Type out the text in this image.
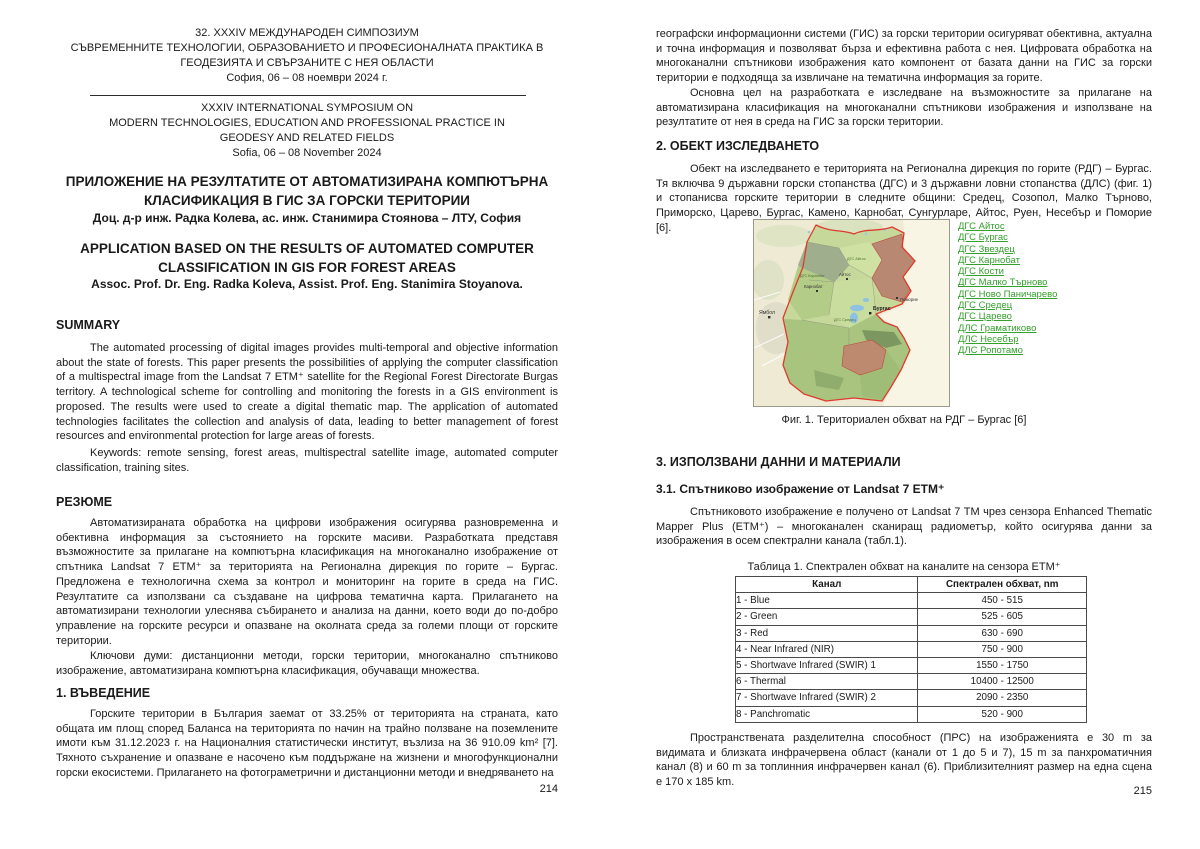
32. XXXIV МЕЖДУНАРОДЕН СИМПОЗИУМ
СЪВРЕМЕННИТЕ ТЕХНОЛОГИИ, ОБРАЗОВАНИЕТО И ПРОФЕСИОНАЛНАТА ПРАКТИКА В
ГЕОДЕЗИЯТА И СВЪРЗАНИТЕ С НЕЯ ОБЛАСТИ
София, 06 – 08 ноември 2024 г.
XXXIV INTERNATIONAL SYMPOSIUM ON
MODERN TECHNOLOGIES, EDUCATION AND PROFESSIONAL PRACTICE IN
GEODESY AND RELATED FIELDS
Sofia, 06 – 08 November 2024
ПРИЛОЖЕНИЕ НА РЕЗУЛТАТИТЕ ОТ АВТОМАТИЗИРАНА КОМПЮТЪРНА КЛАСИФИКАЦИЯ В ГИС ЗА ГОРСКИ ТЕРИТОРИИ
Доц. д-р инж. Радка Колева, ас. инж. Станимира Стоянова – ЛТУ, София
APPLICATION BASED ON THE RESULTS OF AUTOMATED COMPUTER CLASSIFICATION IN GIS FOR FOREST AREAS
Assoc. Prof. Dr. Eng. Radka Koleva, Assist. Prof. Eng. Stanimira Stoyanova.
SUMMARY
The automated processing of digital images provides multi-temporal and objective information about the state of forests. This paper presents the possibilities of applying the computer classification of a multispectral image from the Landsat 7 ETM⁺ satellite for the Regional Forest Directorate Burgas territory. A technological scheme for controlling and monitoring the forests in a GIS environment is proposed. The results were used to create a digital thematic map. The application of automated technologies facilitates the collection and analysis of data, leading to better management of forest resources and environmental protection for large areas of forests.
Keywords: remote sensing, forest areas, multispectral satellite image, automated computer classification, training sites.
РЕЗЮМЕ
Автоматизираната обработка на цифрови изображения осигурява разновременна и обективна информация за състоянието на горските масиви. Разработката представя възможностите за прилагане на компютърна класификация на многоканално изображение от спътника Landsat 7 ETM⁺ за територията на Регионална дирекция по горите – Бургас. Предложена е технологична схема за контрол и мониторинг на горите в среда на ГИС. Резултатите са използвани са създаване на цифрова тематична карта. Прилагането на автоматизирани технологии улеснява събирането и анализа на данни, което води до по-добро управление на горските ресурси и опазване на околната среда за големи площи от горските територии.
Ключови думи: дистанционни методи, горски територии, многоканално спътниково изображение, автоматизирана компютърна класификация, обучаващи множества.
1. ВЪВЕДЕНИЕ
Горските територии в България заемат от 33.25% от територията на страната, като общата им площ според Баланса на територията по начин на трайно ползване на поземлените имоти към 31.12.2023 г. на Националния статистически институт, възлиза на 36 910.09 km² [7]. Тяхното съхранение и опазване е насочено към поддържане на жизнени и многофункционални горски екосистеми. Прилагането на фотограметрични и дистанционни методи и внедряването на
214
географски информационни системи (ГИС) за горски територии осигуряват обективна, актуална и точна информация и позволяват бърза и ефективна работа с нея. Цифровата обработка на многоканални спътникови изображения като компонент от базата данни на ГИС за горски територии е подходяща за извличане на тематична информация за горите.
Основна цел на разработката е изследване на възможностите за прилагане на автоматизирана класификация на многоканални спътникови изображения и използване на резултатите от нея в среда на ГИС за горски територии.
2. ОБЕКТ ИЗСЛЕДВАНЕТО
Обект на изследването е територията на Регионална дирекция по горите (РДГ) – Бургас. Тя включва 9 държавни горски стопанства (ДГС) и 3 държавни ловни стопанства (ДЛС) (фиг. 1) и стопанисва горските територии в следните общини: Средец, Созопол, Малко Търново, Приморско, Царево, Бургас, Камено, Карнобат, Сунгурларе, Айтос, Руен, Несебър и Поморие [6].
ДГС Карнобат
ДГС Айтос
ДГС Средец
Ямбол
Карнобат
Айтос
Бургас
Поморие
ДГС Айтос
ДГС Бургас
ДГС Звездец
ДГС Карнобат
ДГС Кости
ДГС Малко Търново
ДГС Ново Паничарево
ДГС Средец
ДГС Царево
ДЛС Граматиково
ДЛС Несебър
ДЛС Ропотамо
Фиг. 1. Териториален обхват на РДГ – Бургас [6]
3. ИЗПОЛЗВАНИ ДАННИ И МАТЕРИАЛИ
3.1. Спътниково изображение от Landsat 7 ETM⁺
Спътниковото изображение е получено от Landsat 7 TM чрез сензора Enhanced Thematic Mapper Plus (ETM⁺) – многоканален сканиращ радиометър, който осигурява данни за изображения в осем спектрални канала (табл.1).
Таблица 1. Спектрален обхват на каналите на сензора ETM⁺
Канал	Спектрален обхват, nm
1 - Blue	450 - 515
2 - Green	525 - 605
3 - Red	630 - 690
4 - Near Infrared (NIR)	750 - 900
5 - Shortwave Infrared (SWIR) 1	1550 - 1750
6 - Thermal	10400 - 12500
7 - Shortwave Infrared (SWIR) 2	2090 - 2350
8 - Panchromatic	520 - 900
Пространствената разделителна способност (ПРС) на изображенията е 30 m за видимата и близката инфрачервена област (канали от 1 до 5 и 7), 15 m за панхроматичния канал (8) и 60 m за топлинния инфрачервен канал (6). Приблизителният размер на една сцена е 170 x 185 km.
215
